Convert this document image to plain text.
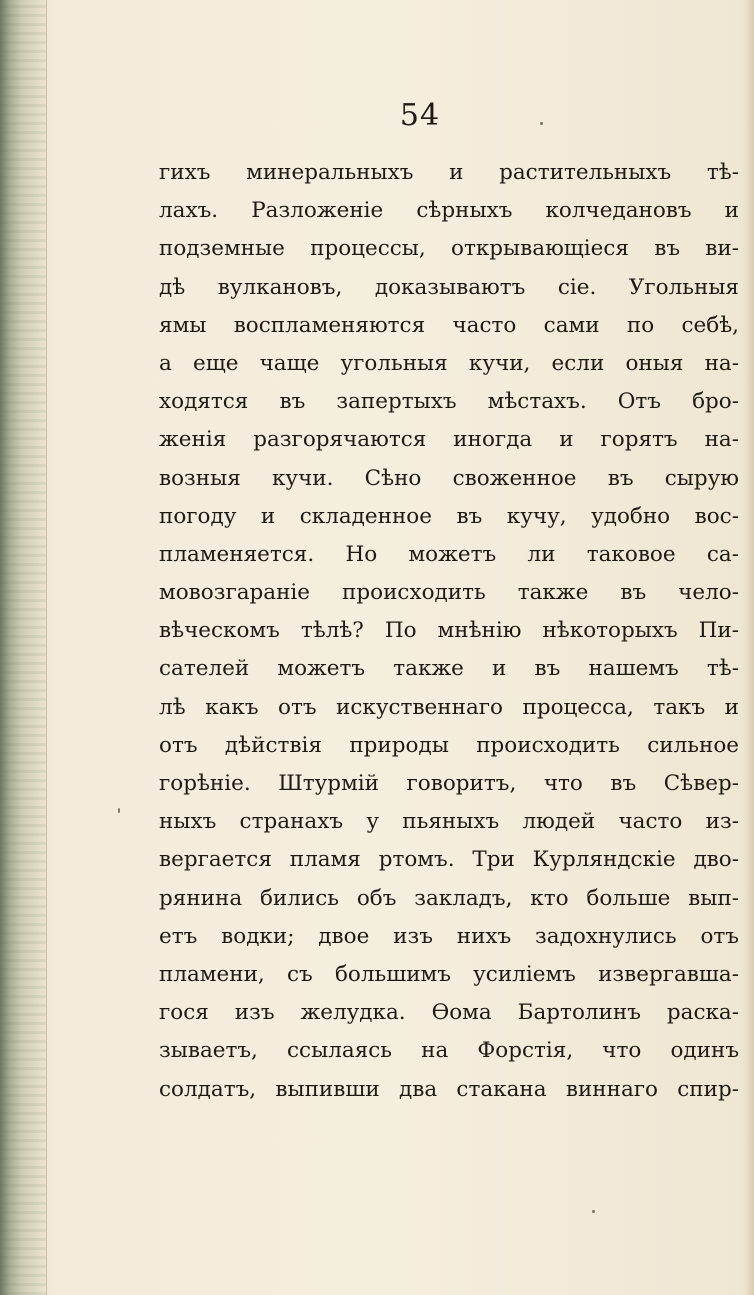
54
гихъ минеральныхъ и растительныхъ тѣ-
лахъ. Разложеніе сѣрныхъ колчедановъ и
подземные процессы, открывающіеся въ ви-
дѣ вулкановъ, доказываютъ сіе. Угольныя
ямы воспламеняются часто сами по себѣ,
а еще чаще угольныя кучи, если оныя на-
ходятся въ запертыхъ мѣстахъ. Отъ бро-
женія разгорячаются иногда и горятъ на-
возныя кучи. Сѣно своженное въ сырую
погоду и складенное въ кучу, удобно вос-
пламеняется. Но можетъ ли таковое са-
мовозгараніе происходить также въ чело-
вѣческомъ тѣлѣ? По мнѣнію нѣкоторыхъ Пи-
сателей можетъ также и въ нашемъ тѣ-
лѣ какъ отъ искуственнаго процесса, такъ и
отъ дѣйствія природы происходить сильное
горѣніе. Штурмій говоритъ, что въ Сѣвер-
ныхъ странахъ у пьяныхъ людей часто из-
вергается пламя ртомъ. Три Курляндскіе дво-
рянина бились объ закладъ, кто больше вып-
етъ водки; двое изъ нихъ задохнулись отъ
пламени, съ большимъ усиліемъ извергавша-
гося изъ желудка. Ѳома Бартолинъ раска-
зываетъ, ссылаясь на Форстія, что одинъ
солдатъ, выпивши два стакана виннаго спир-
